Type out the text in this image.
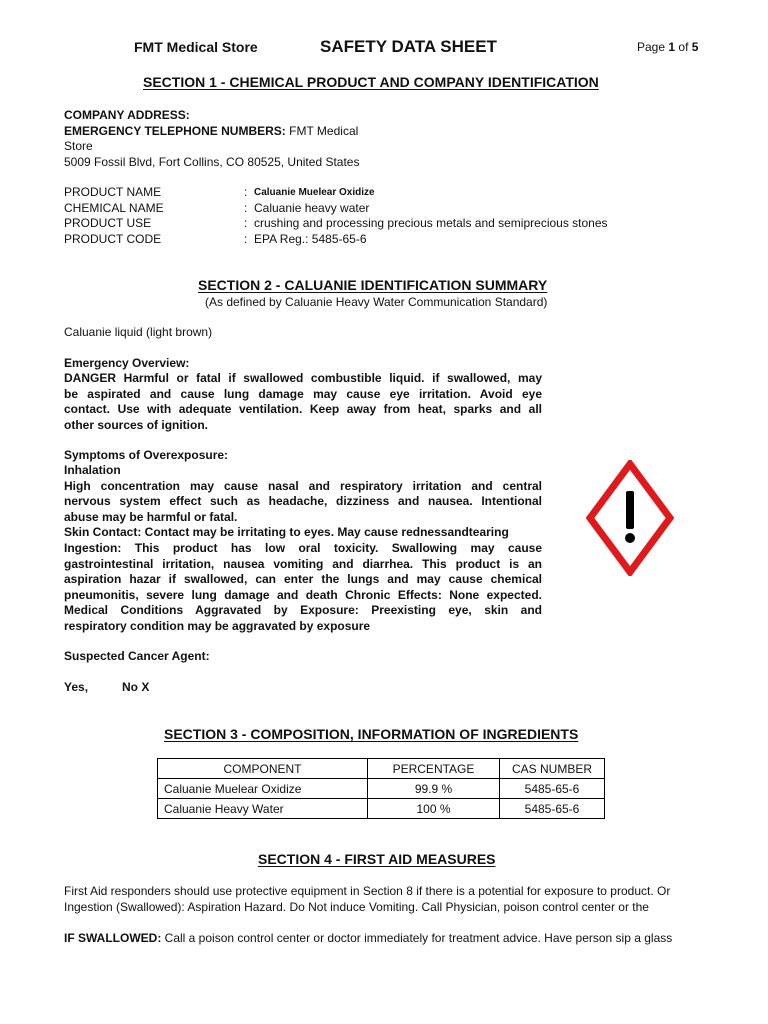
FMT Medical Store	SAFETY DATA SHEET	Page 1 of 5
SECTION 1 - CHEMICAL PRODUCT AND COMPANY IDENTIFICATION
COMPANY ADDRESS:
EMERGENCY TELEPHONE NUMBERS: FMT Medical
Store
5009 Fossil Blvd, Fort Collins, CO 80525, United States
PRODUCT NAME	: Caluanie Muelear Oxidize
CHEMICAL NAME	: Caluanie heavy water
PRODUCT USE	: crushing and processing precious metals and semiprecious stones
PRODUCT CODE	: EPA Reg.: 5485-65-6
SECTION 2 - CALUANIE IDENTIFICATION SUMMARY
(As defined by Caluanie Heavy Water Communication Standard)
Caluanie liquid (light brown)
Emergency Overview:
DANGER Harmful or fatal if swallowed combustible liquid. if swallowed, may
be aspirated and cause lung damage may cause eye irritation. Avoid eye
contact. Use with adequate ventilation. Keep away from heat, sparks and all
other sources of ignition.
Symptoms of Overexposure:
Inhalation
High concentration may cause nasal and respiratory irritation and central
nervous system effect such as headache, dizziness and nausea. Intentional
abuse may be harmful or fatal.
Skin Contact: Contact may be irritating to eyes. May cause rednessandtearing
Ingestion: This product has low oral toxicity. Swallowing may cause
gastrointestinal irritation, nausea vomiting and diarrhea. This product is an
aspiration hazar if swallowed, can enter the lungs and may cause chemical
pneumonitis, severe lung damage and death Chronic Effects: None expected.
Medical Conditions Aggravated by Exposure: Preexisting eye, skin and
respiratory condition may be aggravated by exposure
Suspected Cancer Agent:
Yes,	No X
SECTION 3 - COMPOSITION, INFORMATION OF INGREDIENTS
COMPONENT	PERCENTAGE	CAS NUMBER
Caluanie Muelear Oxidize	99.9 %	5485-65-6
Caluanie Heavy Water	100 %	5485-65-6
SECTION 4 - FIRST AID MEASURES
First Aid responders should use protective equipment in Section 8 if there is a potential for exposure to product. Or
Ingestion (Swallowed): Aspiration Hazard. Do Not induce Vomiting. Call Physician, poison control center or the
IF SWALLOWED: Call a poison control center or doctor immediately for treatment advice. Have person sip a glass
